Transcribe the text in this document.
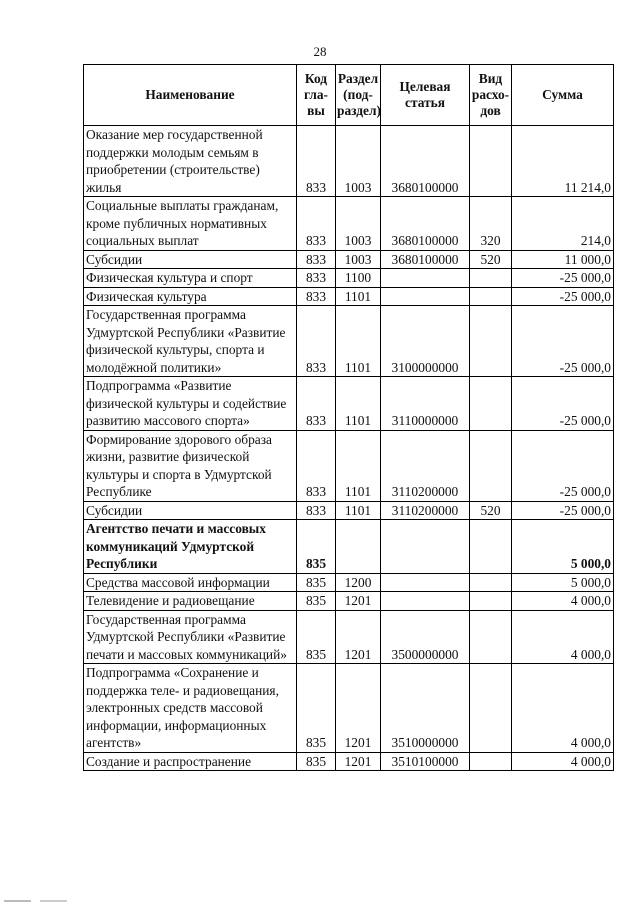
28
Наименование	Код гла- вы	Раздел (под- раздел)	Целевая статья	Вид расхо- дов	Сумма
Оказание мер государственной поддержки молодым семьям в приобретении (строительстве) жилья	833	1003	3680100000		11 214,0
Социальные выплаты гражданам, кроме публичных нормативных социальных выплат	833	1003	3680100000	320	214,0
Субсидии	833	1003	3680100000	520	11 000,0
Физическая культура и спорт	833	1100			-25 000,0
Физическая культура	833	1101			-25 000,0
Государственная программа Удмуртской Республики «Развитие физической культуры, спорта и молодёжной политики»	833	1101	3100000000		-25 000,0
Подпрограмма «Развитие физической культуры и содействие развитию массового спорта»	833	1101	3110000000		-25 000,0
Формирование здорового образа жизни, развитие физической культуры и спорта в Удмуртской Республике	833	1101	3110200000		-25 000,0
Субсидии	833	1101	3110200000	520	-25 000,0
Агентство печати и массовых коммуникаций Удмуртской Республики	835				5 000,0
Средства массовой информации	835	1200			5 000,0
Телевидение и радиовещание	835	1201			4 000,0
Государственная программа Удмуртской Республики «Развитие печати и массовых коммуникаций»	835	1201	3500000000		4 000,0
Подпрограмма «Сохранение и поддержка теле- и радиовещания, электронных средств массовой информации, информационных агентств»	835	1201	3510000000		4 000,0
Создание и распространение	835	1201	3510100000		4 000,0
